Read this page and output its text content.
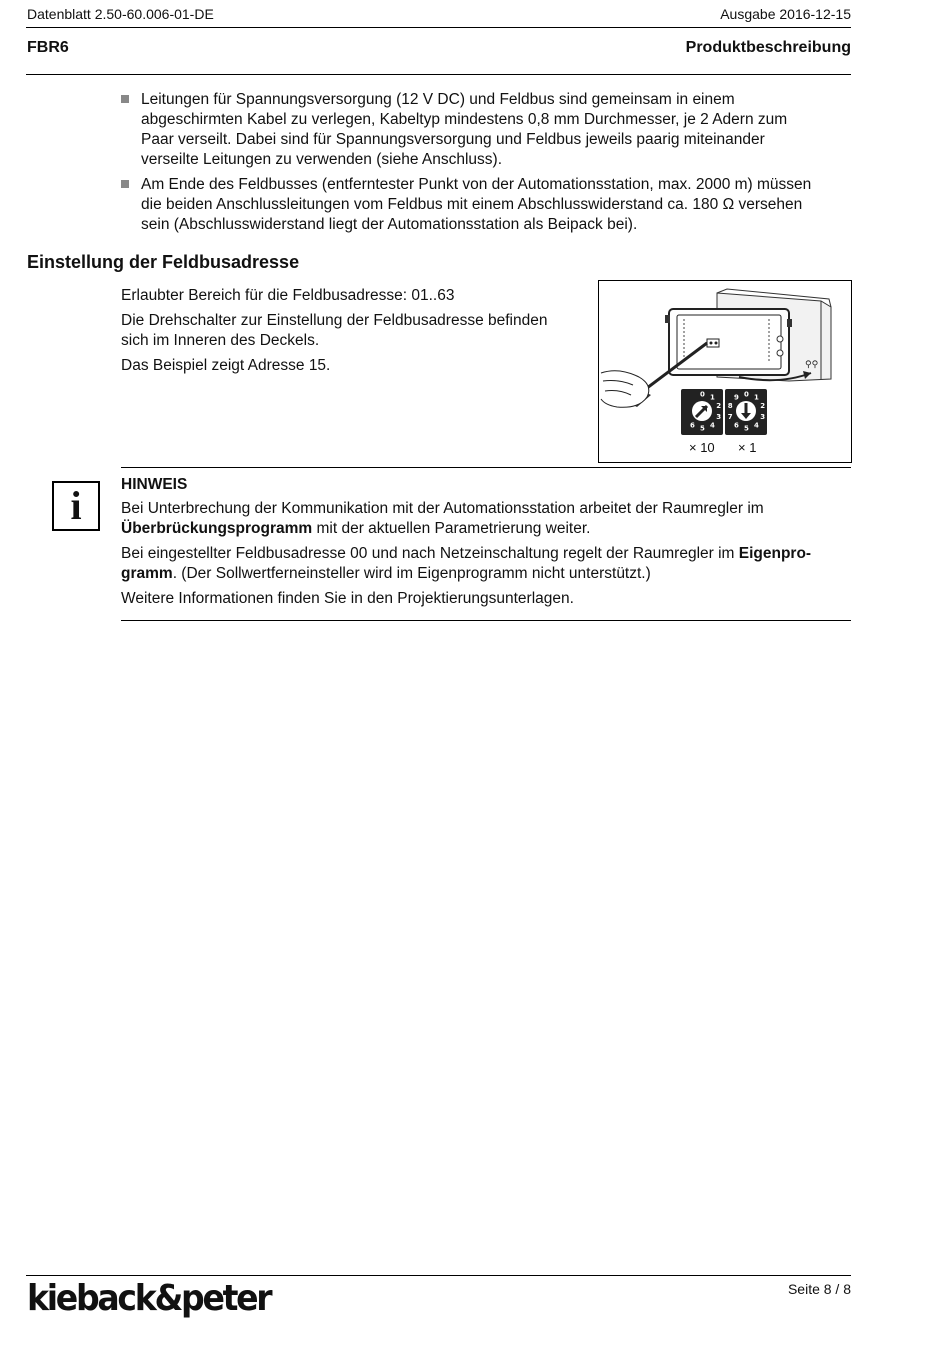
Datenblatt 2.50-60.006-01-DE	Ausgabe 2016-12-15
FBR6	Produktbeschreibung
Leitungen für Spannungsversorgung (12 V DC) und Feldbus sind gemeinsam in einem
abgeschirmten Kabel zu verlegen, Kabeltyp mindestens 0,8 mm Durchmesser, je 2 Adern zum
Paar verseilt. Dabei sind für Spannungsversorgung und Feldbus jeweils paarig miteinander
verseilte Leitungen zu verwenden (siehe Anschluss).
Am Ende des Feldbusses (entferntester Punkt von der Automationsstation, max. 2000 m) müssen
die beiden Anschlussleitungen vom Feldbus mit einem Abschlusswiderstand ca. 180 Ω versehen
sein (Abschlusswiderstand liegt der Automationsstation als Beipack bei).
Einstellung der Feldbusadresse
Erlaubter Bereich für die Feldbusadresse: 01..63
Die Drehschalter zur Einstellung der Feldbusadresse befinden
sich im Inneren des Deckels.
Das Beispiel zeigt Adresse 15.	⚲⚲
0 1
2
3
4
5
6
9 0 1
2
3
4
5
6
7
8
× 10 × 1
i	HINWEIS
Bei Unterbrechung der Kommunikation mit der Automationsstation arbeitet der Raumregler im
Überbrückungsprogramm mit der aktuellen Parametrierung weiter.
Bei eingestellter Feldbusadresse 00 und nach Netzeinschaltung regelt der Raumregler im Eigenpro-
gramm. (Der Sollwertferneinsteller wird im Eigenprogramm nicht unterstützt.)
Weitere Informationen finden Sie in den Projektierungsunterlagen.
kieback&peter	Seite 8 / 8
